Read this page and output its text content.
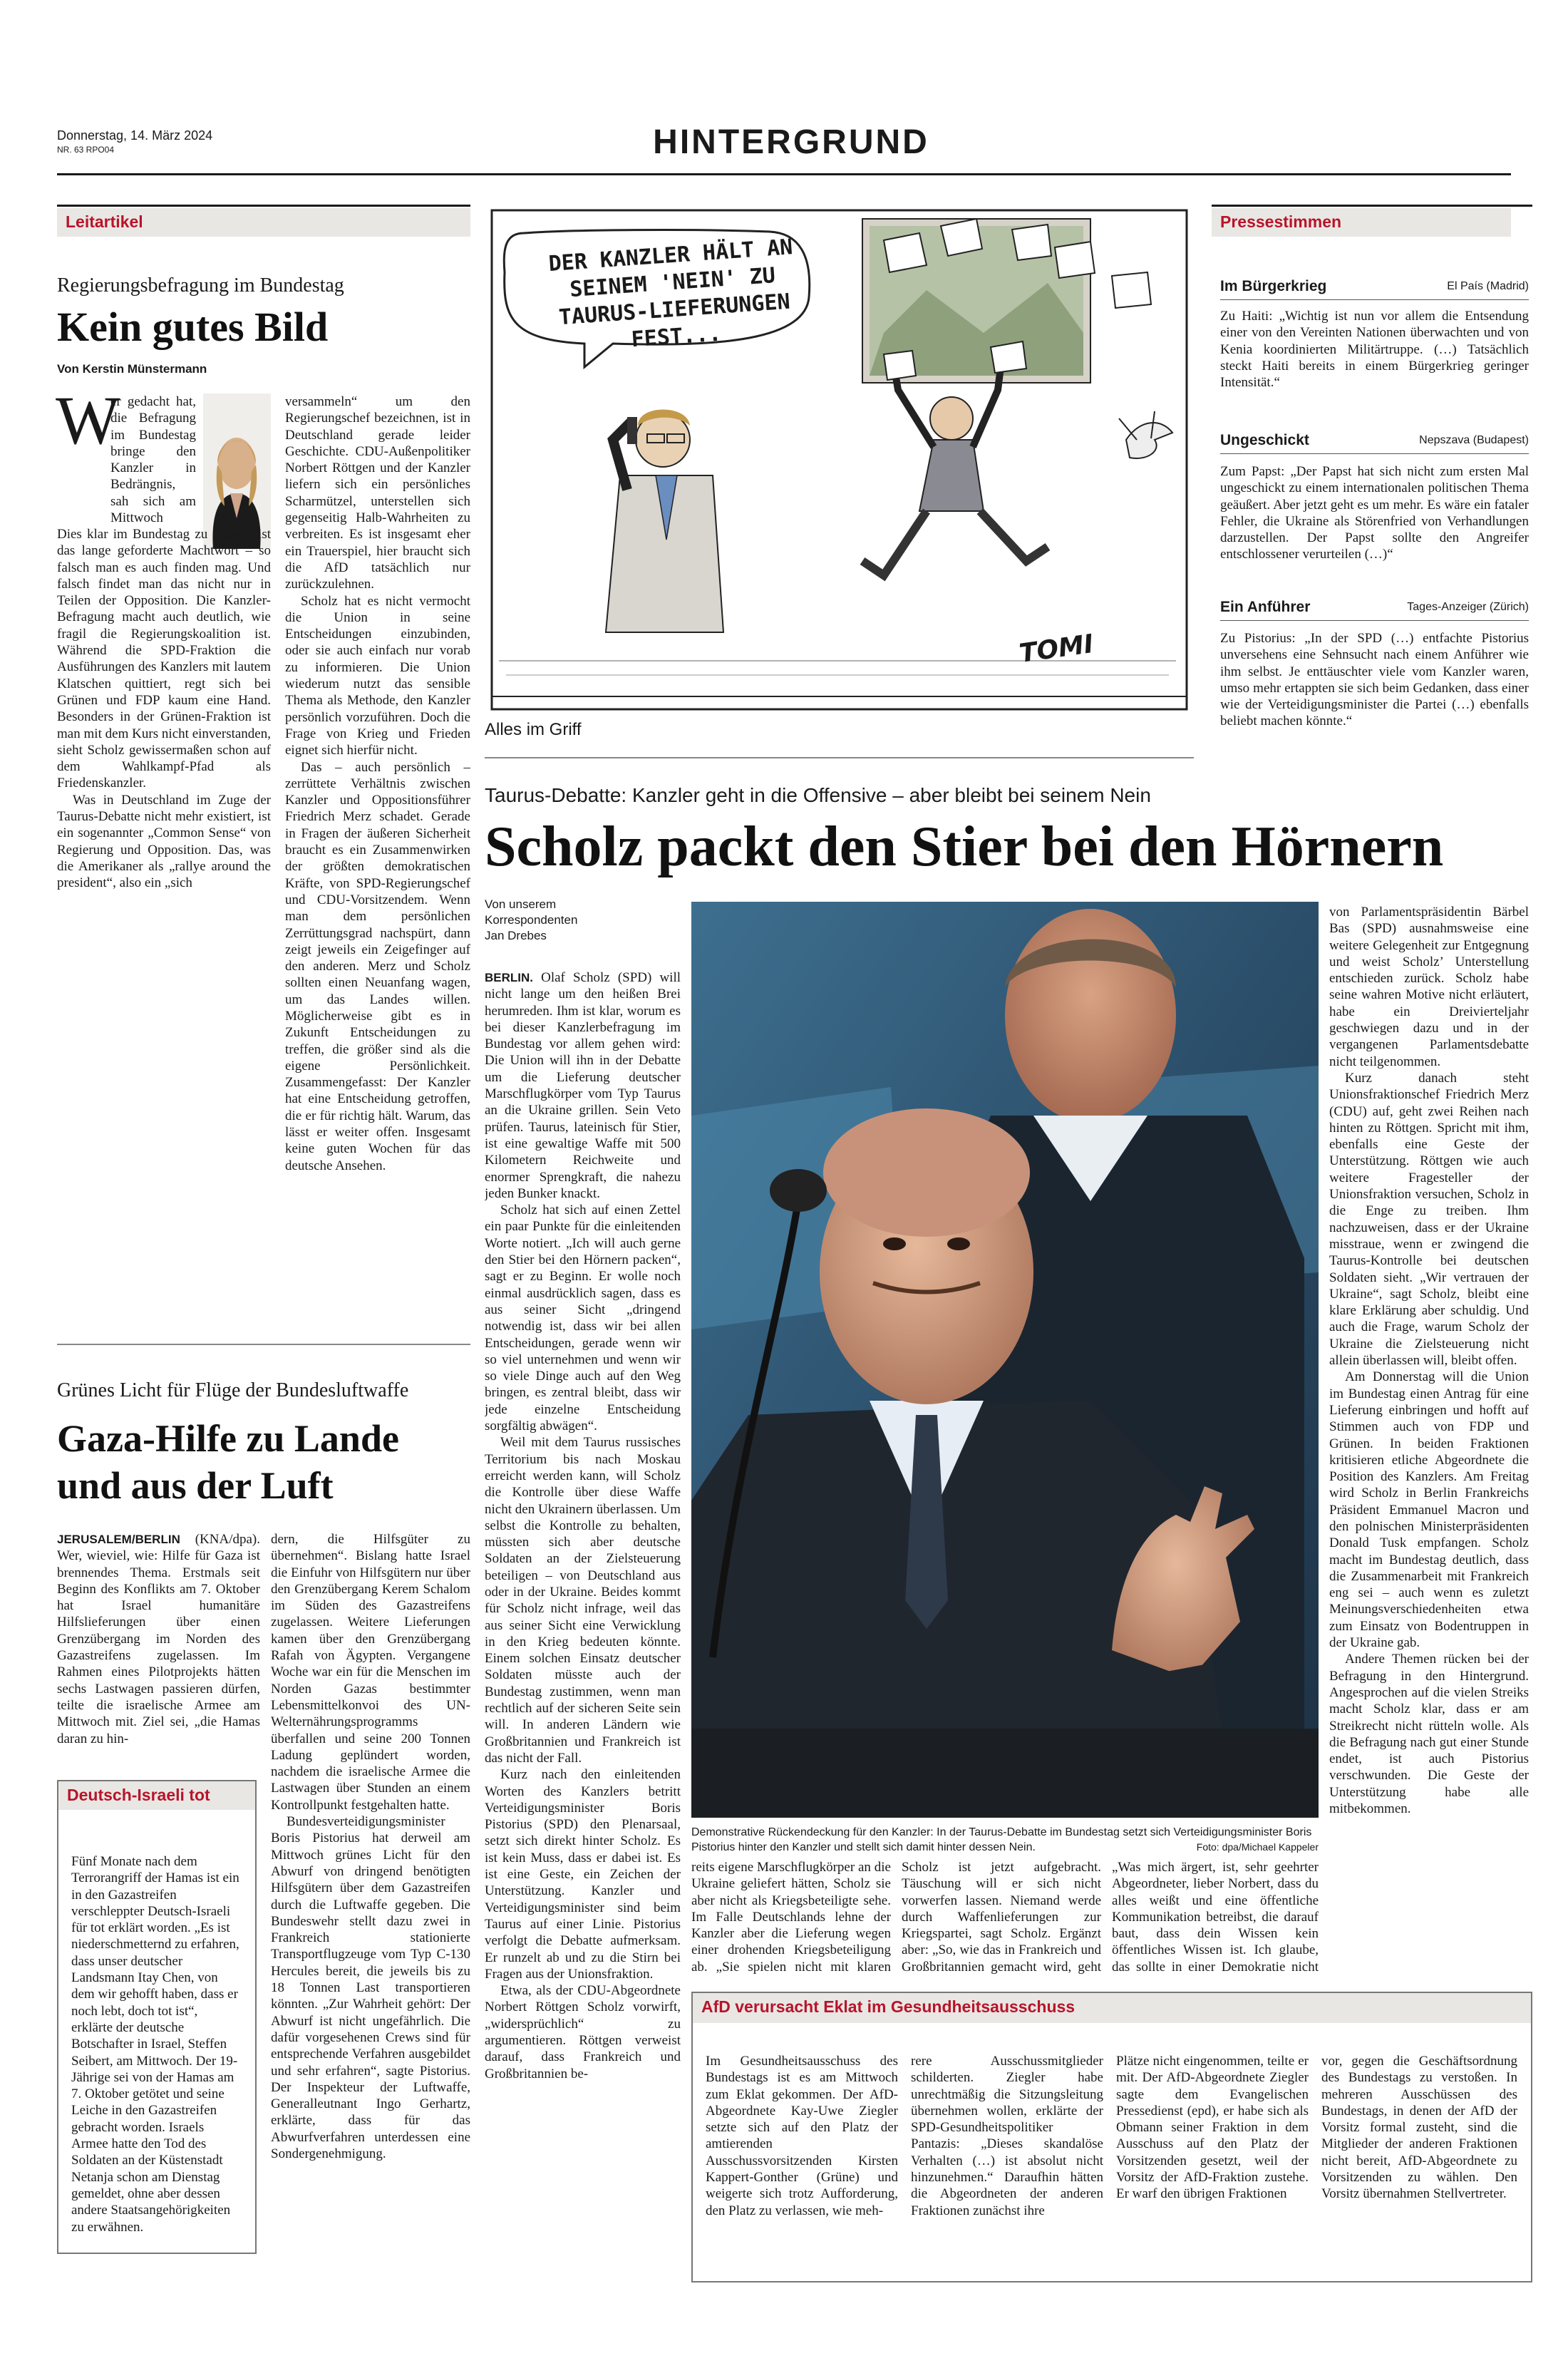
Donnerstag, 14. März 2024
NR. 63 RPO04	HINTERGRUND
Leitartikel
Regierungsbefragung im Bundestag
Kein gutes Bild
Von Kerstin Münstermann
W
er gedacht hat, die Befragung im Bundestag bringe den Kanzler in Bedrängnis, sah sich am Mittwoch

Dies klar im Bundestag zu äußern, ist das lange geforderte Machtwort – so falsch man es auch finden mag. Und falsch findet man das nicht nur in Teilen der Opposition. Die Kanzler-Befragung macht auch deutlich, wie fragil die Regierungskoalition ist. Während die SPD-Fraktion die Ausführungen des Kanzlers mit lautem Klatschen quittiert, regt sich bei Grünen und FDP kaum eine Hand. Besonders in der Grünen-Fraktion ist man mit dem Kurs nicht einverstanden, sieht Scholz gewissermaßen schon auf dem Wahlkampf-Pfad als Friedenskanzler.

Was in Deutschland im Zuge der Taurus-Debatte nicht mehr existiert, ist ein sogenannter „Common Sense“ von Regierung und Opposition. Das, was die Amerikaner als „rallye around the president“, also ein „sich

versammeln“ um den Regierungschef bezeichnen, ist in Deutschland gerade leider Geschichte. CDU-Außenpolitiker Norbert Röttgen und der Kanzler liefern sich ein persönliches Scharmützel, unterstellen sich gegenseitig Halb-Wahrheiten zu verbreiten. Es ist insgesamt eher ein Trauerspiel, hier braucht sich die AfD tatsächlich nur zurückzulehnen.

Scholz hat es nicht vermocht die Union in seine Entscheidungen einzubinden, oder sie auch einfach nur vorab zu informieren. Die Union wiederum nutzt das sensible Thema als Methode, den Kanzler persönlich vorzuführen. Doch die Frage von Krieg und Frieden eignet sich hierfür nicht.

Das – auch persönlich – zerrüttete Verhältnis zwischen Kanzler und Oppositionsführer Friedrich Merz schadet. Gerade in Fragen der äußeren Sicherheit braucht es ein Zusammenwirken der größten demokratischen Kräfte, von SPD-Regierungschef und CDU-Vorsitzendem. Wenn man dem persönlichen Zerrüttungsgrad nachspürt, dann zeigt jeweils ein Zeigefinger auf den anderen. Merz und Scholz sollten einen Neuanfang wagen, um das Landes willen. Möglicherweise gibt es in Zukunft Entscheidungen zu treffen, die größer sind als die eigene Persönlichkeit. Zusammengefasst: Der Kanzler hat eine Entscheidung getroffen, die er für richtig hält. Warum, das lässt er weiter offen. Insgesamt keine guten Wochen für das deutsche Ansehen.

Grünes Licht für Flüge der Bundesluftwaffe
Gaza-Hilfe zu Lande und aus der Luft

JERUSALEM/BERLIN (KNA/dpa). Wer, wieviel, wie: Hilfe für Gaza ist brennendes Thema. Erstmals seit Beginn des Konflikts am 7. Oktober hat Israel humanitäre Hilfslieferungen über einen Grenzübergang im Norden des Gazastreifens zugelassen. Im Rahmen eines Pilotprojekts hätten sechs Lastwagen passieren dürfen, teilte die israelische Armee am Mittwoch mit. Ziel sei, „die Hamas daran zu hin-

dern, die Hilfsgüter zu übernehmen“. Bislang hatte Israel die Einfuhr von Hilfsgütern nur über den Grenzübergang Kerem Schalom im Süden des Gazastreifens zugelassen. Weitere Lieferungen kamen über den Grenzübergang Rafah von Ägypten. Vergangene Woche war ein für die Menschen im Norden Gazas bestimmter Lebensmittelkonvoi des UN-Welternährungsprogramms überfallen und seine 200 Tonnen Ladung geplündert worden, nachdem die israelische Armee die Lastwagen über Stunden an einem Kontrollpunkt festgehalten hatte.

Bundesverteidigungsminister Boris Pistorius hat derweil am Mittwoch grünes Licht für den Abwurf von dringend benötigten Hilfsgütern über dem Gazastreifen durch die Luftwaffe gegeben. Die Bundeswehr stellt dazu zwei in Frankreich stationierte Transportflugzeuge vom Typ C-130 Hercules bereit, die jeweils bis zu 18 Tonnen Last transportieren könnten. „Zur Wahrheit gehört: Der Abwurf ist nicht ungefährlich. Die dafür vorgesehenen Crews sind für entsprechende Verfahren ausgebildet und sehr erfahren“, sagte Pistorius. Der Inspekteur der Luftwaffe, Generalleutnant Ingo Gerhartz, erklärte, dass für das Abwurfverfahren unterdessen eine Sondergenehmigung.

Deutsch-Israeli tot
Fünf Monate nach dem Terrorangriff der Hamas ist ein in den Gazastreifen verschleppter Deutsch-Israeli für tot erklärt worden. „Es ist niederschmetternd zu erfahren, dass unser deutscher Landsmann Itay Chen, von dem wir gehofft haben, dass er noch lebt, doch tot ist“, erklärte der deutsche Botschafter in Israel, Steffen Seibert, am Mittwoch. Der 19-Jährige sei von der Hamas am 7. Oktober getötet und seine Leiche in den Gazastreifen gebracht worden. Israels Armee hatte den Tod des Soldaten an der Küstenstadt Netanja schon am Dienstag gemeldet, ohne aber dessen andere Staatsangehörigkeiten zu erwähnen.
DER KANZLER HÄLT AN SEINEM 'NEIN' ZU TAURUS-LIEFERUNGEN FEST...
TOMI
Alles im Griff
Pressestimmen
Im Bürgerkrieg	El País (Madrid)
Zu Haiti: „Wichtig ist nun vor allem die Entsendung einer von den Vereinten Nationen überwachten und von Kenia koordinierten Militärtruppe. (…) Tatsächlich steckt Haiti bereits in einem Bürgerkrieg geringer Intensität.“
Ungeschickt	Nepszava (Budapest)
Zum Papst: „Der Papst hat sich nicht zum ersten Mal ungeschickt zu einem internationalen politischen Thema geäußert. Aber jetzt geht es um mehr. Es wäre ein fataler Fehler, die Ukraine als Störenfried von Verhandlungen darzustellen. Der Papst sollte den Angreifer entschlossener verurteilen (…)“
Ein Anführer	Tages-Anzeiger (Zürich)
Zu Pistorius: „In der SPD (…) entfachte Pistorius unversehens eine Sehnsucht nach einem Anführer wie ihm selbst. Je enttäuschter viele vom Kanzler waren, umso mehr ertappten sie sich beim Gedanken, dass einer wie der Verteidigungsminister die Partei (…) ebenfalls beliebt machen könnte.“
Taurus-Debatte: Kanzler geht in die Offensive – aber bleibt bei seinem Nein
Scholz packt den Stier bei den Hörnern
Von unserem
Korrespondenten
Jan Drebes

BERLIN. Olaf Scholz (SPD) will nicht lange um den heißen Brei herumreden. Ihm ist klar, worum es bei dieser Kanzlerbefragung im Bundestag vor allem gehen wird: Die Union will ihn in der Debatte um die Lieferung deutscher Marschflugkörper vom Typ Taurus an die Ukraine grillen. Sein Veto prüfen. Taurus, lateinisch für Stier, ist eine gewaltige Waffe mit 500 Kilometern Reichweite und enormer Sprengkraft, die nahezu jeden Bunker knackt.

Scholz hat sich auf einen Zettel ein paar Punkte für die einleitenden Worte notiert. „Ich will auch gerne den Stier bei den Hörnern packen“, sagt er zu Beginn. Er wolle noch einmal ausdrücklich sagen, dass es aus seiner Sicht „dringend notwendig ist, dass wir bei allen Entscheidungen, gerade wenn wir so viel unternehmen und wenn wir so viele Dinge auch auf den Weg bringen, es zentral bleibt, dass wir jede einzelne Entscheidung sorgfältig abwägen“.

Weil mit dem Taurus russisches Territorium bis nach Moskau erreicht werden kann, will Scholz die Kontrolle über diese Waffe nicht den Ukrainern überlassen. Um selbst die Kontrolle zu behalten, müssten sich aber deutsche Soldaten an der Zielsteuerung beteiligen – von Deutschland aus oder in der Ukraine. Beides kommt für Scholz nicht infrage, weil das aus seiner Sicht eine Verwicklung in den Krieg bedeuten könnte. Einem solchen Einsatz deutscher Soldaten müsste auch der Bundestag zustimmen, wenn man rechtlich auf der sicheren Seite sein will. In anderen Ländern wie Großbritannien und Frankreich ist das nicht der Fall.

Kurz nach den einleitenden Worten des Kanzlers betritt Verteidigungsminister Boris Pistorius (SPD) den Plenarsaal, setzt sich direkt hinter Scholz. Es ist kein Muss, dass er dabei ist. Es ist eine Geste, ein Zeichen der Unterstützung. Kanzler und Verteidigungsminister sind beim Taurus auf einer Linie. Pistorius verfolgt die Debatte aufmerksam. Er runzelt ab und zu die Stirn bei Fragen aus der Unionsfraktion.

Etwa, als der CDU-Abgeordnete Norbert Röttgen Scholz vorwirft, „widersprüchlich“ zu argumentieren. Röttgen verweist darauf, dass Frankreich und Großbritannien be-

Demonstrative Rückendeckung für den Kanzler: In der Taurus-Debatte im Bundestag setzt sich Verteidigungsminister Boris Pistorius hinter den Kanzler und stellt sich damit hinter dessen Nein.	Foto: dpa/Michael Kappeler
reits eigene Marschflugkörper an die Ukraine geliefert hätten, Scholz sie aber nicht als Kriegsbeteiligte sehe. Im Falle Deutschlands lehne der Kanzler aber die Lieferung wegen einer drohenden Kriegsbeteiligung ab. „Sie spielen nicht mit klaren
Scholz ist jetzt aufgebracht. Täuschung will er sich nicht vorwerfen lassen. Niemand werde durch Waffenlieferungen zur Kriegspartei, sagt Scholz. Ergänzt aber: „So, wie das in Frankreich und Großbritannien gemacht wird, geht
„Was mich ärgert, ist, sehr geehrter Abgeordneter, lieber Norbert, dass du alles weißt und eine öffentliche Kommunikation betreibst, die darauf baut, dass dein Wissen kein öffentliches Wissen ist. Ich glaube, das sollte in einer Demokratie nicht

von Parlamentspräsidentin Bärbel Bas (SPD) ausnahmsweise eine weitere Gelegenheit zur Entgegnung und weist Scholz’ Unterstellung entschieden zurück. Scholz habe seine wahren Motive nicht erläutert, habe ein Dreivierteljahr geschwiegen dazu und in der vergangenen Parlamentsdebatte nicht teilgenommen.

Kurz danach steht Unionsfraktionschef Friedrich Merz (CDU) auf, geht zwei Reihen nach hinten zu Röttgen. Spricht mit ihm, ebenfalls eine Geste der Unterstützung. Röttgen wie auch weitere Fragesteller der Unionsfraktion versuchen, Scholz in die Enge zu treiben. Ihm nachzuweisen, dass er der Ukraine misstraue, wenn er zwingend die Taurus-Kontrolle bei deutschen Soldaten sieht. „Wir vertrauen der Ukraine“, sagt Scholz, bleibt eine klare Erklärung aber schuldig. Und auch die Frage, warum Scholz der Ukraine die Zielsteuerung nicht allein überlassen will, bleibt offen.

Am Donnerstag will die Union im Bundestag einen Antrag für eine Lieferung einbringen und hofft auf Stimmen auch von FDP und Grünen. In beiden Fraktionen kritisieren etliche Abgeordnete die Position des Kanzlers. Am Freitag wird Scholz in Berlin Frankreichs Präsident Emmanuel Macron und den polnischen Ministerpräsidenten Donald Tusk empfangen. Scholz macht im Bundestag deutlich, dass die Zusammenarbeit mit Frankreich eng sei – auch wenn es zuletzt Meinungsverschiedenheiten etwa zum Einsatz von Bodentruppen in der Ukraine gab.

Andere Themen rücken bei der Befragung in den Hintergrund. Angesprochen auf die vielen Streiks macht Scholz klar, dass er am Streikrecht nicht rütteln wolle. Als die Befragung nach gut einer Stunde endet, ist auch Pistorius verschwunden. Die Geste der Unterstützung habe alle mitbekommen.

AfD verursacht Eklat im Gesundheitsausschuss
Im Gesundheitsausschuss des Bundestags ist es am Mittwoch zum Eklat gekommen. Der AfD-Abgeordnete Kay-Uwe Ziegler setzte sich auf den Platz der amtierenden Ausschussvorsitzenden Kirsten Kappert-Gonther (Grüne) und weigerte sich trotz Aufforderung, den Platz zu verlassen, wie meh-
rere Ausschussmitglieder schilderten. Ziegler habe unrechtmäßig die Sitzungsleitung übernehmen wollen, erklärte der SPD-Gesundheitspolitiker Pantazis: „Dieses skandalöse Verhalten (…) ist absolut nicht hinzunehmen.“ Daraufhin hätten die Abgeordneten der anderen Fraktionen zunächst ihre
Plätze nicht eingenommen, teilte er mit. Der AfD-Abgeordnete Ziegler sagte dem Evangelischen Pressedienst (epd), er habe sich als Obmann seiner Fraktion in dem Ausschuss auf den Platz der Vorsitzenden gesetzt, weil der Vorsitz der AfD-Fraktion zustehe. Er warf den übrigen Fraktionen
vor, gegen die Geschäftsordnung des Bundestags zu verstoßen. In mehreren Ausschüssen des Bundestags, in denen der AfD der Vorsitz formal zusteht, sind die Mitglieder der anderen Fraktionen nicht bereit, AfD-Abgeordnete zu Vorsitzenden zu wählen. Den Vorsitz übernahmen Stellvertreter.
